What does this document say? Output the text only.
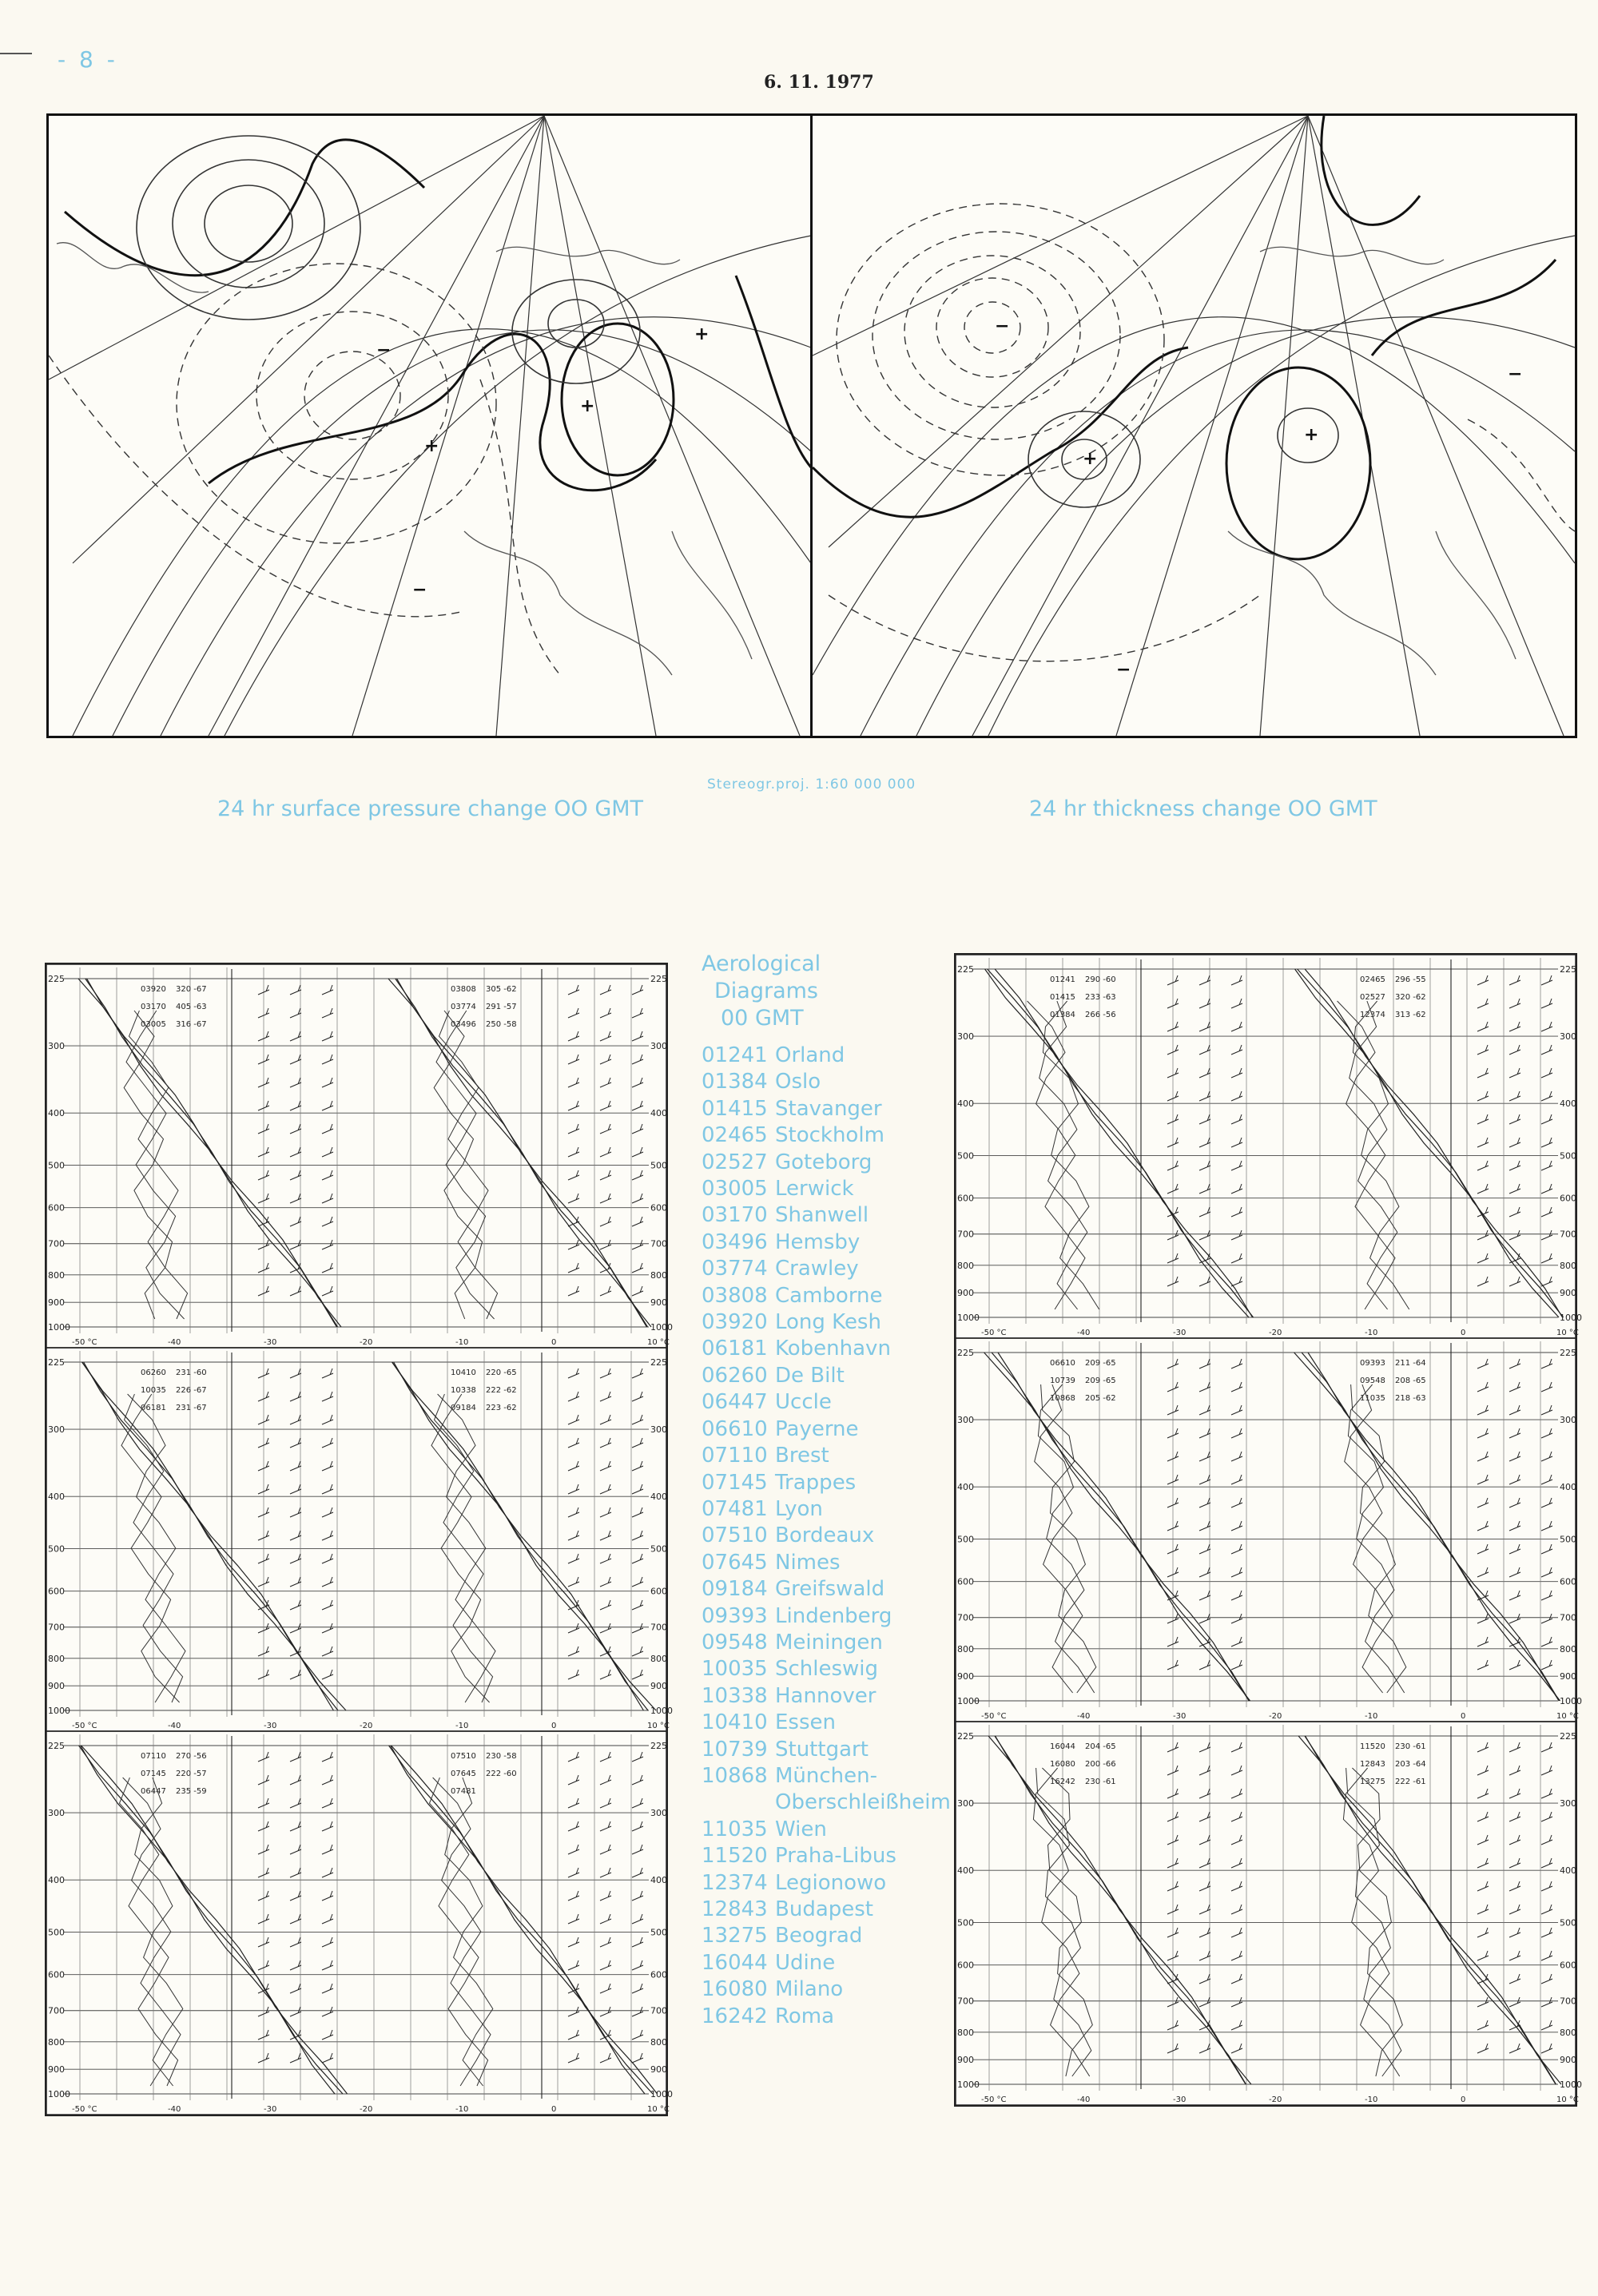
- 8 -
6. 11. 1977
+
+
+
−
−
−
+
+
−
−
Stereogr.proj. 1:60 000 000
24 hr surface pressure change OO GMT	24 hr thickness change OO GMT
225	225
300	300
400	400
500	500
600	600
700	700
800	800
900	900
1000	1000
03920 320 -67
03170 405 -63
03005 316 -67
03808 305 -62
03774 291 -57
03496 250 -58
-50 °C	-40	-30	-20	-10	0	10 °C
225	225
300	300
400	400
500	500
600	600
700	700
800	800
900	900
1000	1000
06260 231 -60
10035 226 -67
06181 231 -67
10410 220 -65
10338 222 -62
09184 223 -62
-50 °C	-40	-30	-20	-10	0	10 °C
225	225
300	300
400	400
500	500
600	600
700	700
800	800
900	900
1000	1000
07110 270 -56
07145 220 -57
06447 235 -59
07510 230 -58
07645 222 -60
07481
-50 °C	-40	-30	-20	-10	0	10 °C
225	225
300	300
400	400
500	500
600	600
700	700
800	800
900	900
1000	1000
01241 290 -60
01415 233 -63
01384 266 -56
02465 296 -55
02527 320 -62
12374 313 -62
-50 °C	-40	-30	-20	-10	0	10 °C
225	225
300	300
400	400
500	500
600	600
700	700
800	800
900	900
1000	1000
06610 209 -65
10739 209 -65
10868 205 -62
09393 211 -64
09548 208 -65
11035 218 -63
-50 °C	-40	-30	-20	-10	0	10 °C
225	225
300	300
400	400
500	500
600	600
700	700
800	800
900	900
1000	1000
16044 204 -65
16080 200 -66
16242 230 -61
11520 230 -61
12843 203 -64
13275 222 -61
-50 °C	-40	-30	-20	-10	0	10 °C
Aerological
Diagrams
00 GMT
01241 Orland
01384 Oslo
01415 Stavanger
02465 Stockholm
02527 Goteborg
03005 Lerwick
03170 Shanwell
03496 Hemsby
03774 Crawley
03808 Camborne
03920 Long Kesh
06181 Kobenhavn
06260 De Bilt
06447 Uccle
06610 Payerne
07110 Brest
07145 Trappes
07481 Lyon
07510 Bordeaux
07645 Nimes
09184 Greifswald
09393 Lindenberg
09548 Meiningen
10035 Schleswig
10338 Hannover
10410 Essen
10739 Stuttgart
10868 München-
Oberschleißheim
11035 Wien
11520 Praha-Libus
12374 Legionowo
12843 Budapest
13275 Beograd
16044 Udine
16080 Milano
16242 Roma
